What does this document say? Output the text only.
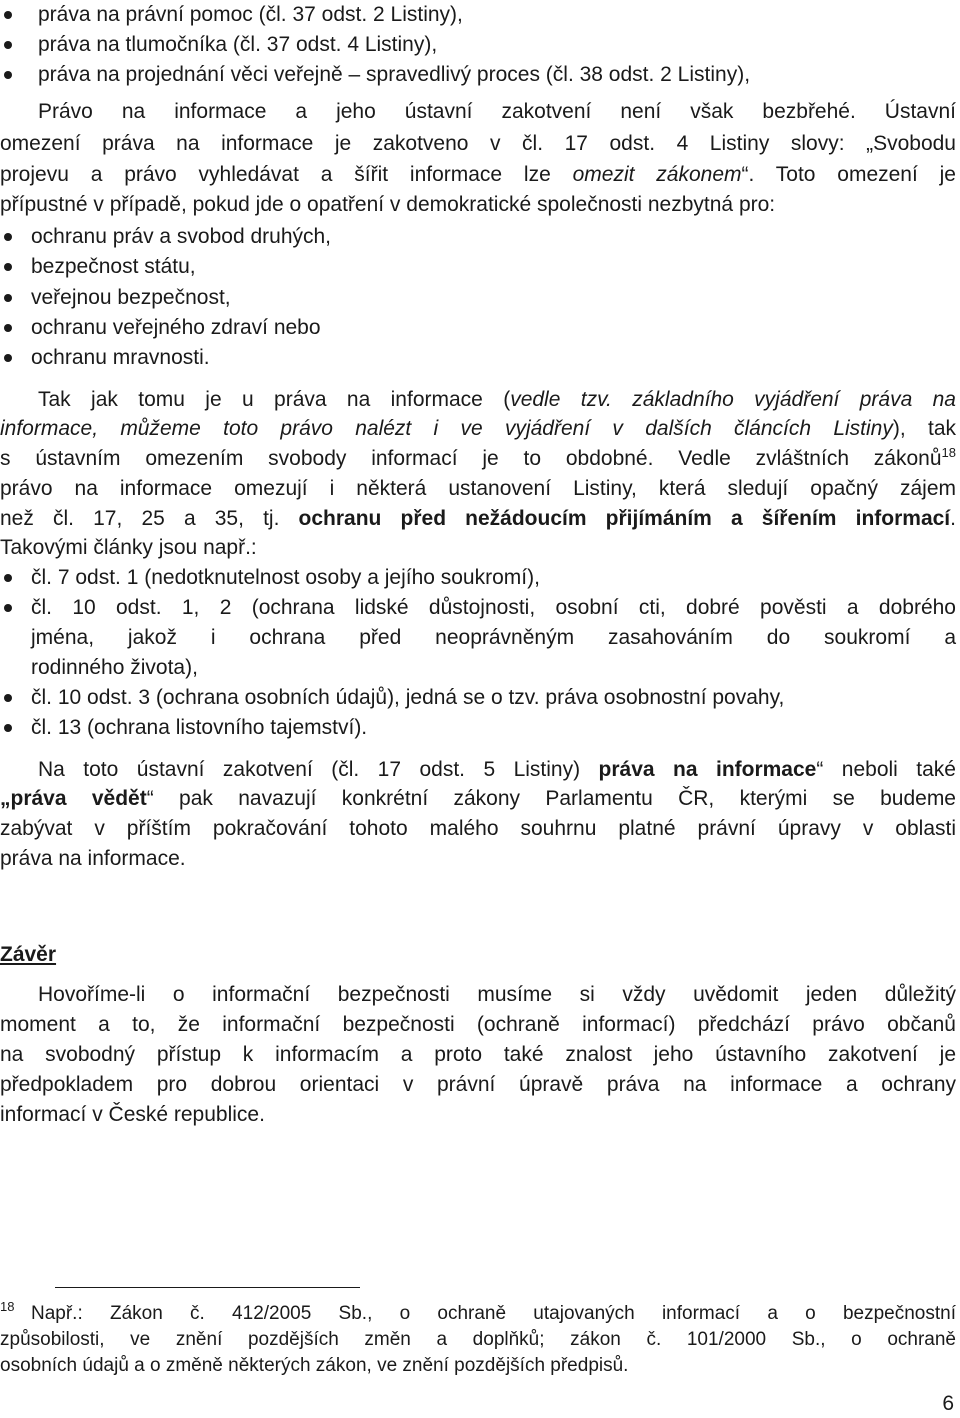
práva na právní pomoc (čl. 37 odst. 2 Listiny),
práva na tlumočníka (čl. 37 odst. 4 Listiny),
práva na projednání věci veřejně – spravedlivý proces (čl. 38 odst. 2 Listiny),
Právo na informace a jeho ústavní zakotvení není však bezbřehé. Ústavní
omezení práva na informace je zakotveno v čl. 17 odst. 4 Listiny slovy: „Svobodu
projevu a právo vyhledávat a šířit informace lze omezit zákonem“. Toto omezení je
přípustné v případě, pokud jde o opatření v demokratické společnosti nezbytná pro:
ochranu práv a svobod druhých,
bezpečnost státu,
veřejnou bezpečnost,
ochranu veřejného zdraví nebo
ochranu mravnosti.
Tak jak tomu je u práva na informace (vedle tzv. základního vyjádření práva na
informace, můžeme toto právo nalézt i ve vyjádření v dalších článcích Listiny), tak
s ústavním omezením svobody informací je to obdobné. Vedle zvláštních zákonů$^{18}$
právo na informace omezují i některá ustanovení Listiny, která sledují opačný zájem
než čl. 17, 25 a 35, tj. ochranu před nežádoucím přijímáním a šířením informací.
Takovými články jsou např.:
čl. 7 odst. 1 (nedotknutelnost osoby a jejího soukromí),
čl. 10 odst. 1, 2 (ochrana lidské důstojnosti, osobní cti, dobré pověsti a dobrého
jména, jakož i ochrana před neoprávněným zasahováním do soukromí a
rodinného života),
čl. 10 odst. 3 (ochrana osobních údajů), jedná se o tzv. práva osobnostní povahy,
čl. 13 (ochrana listovního tajemství).
Na toto ústavní zakotvení (čl. 17 odst. 5 Listiny) práva na informace“ neboli také
„práva vědět“ pak navazují konkrétní zákony Parlamentu ČR, kterými se budeme
zabývat v příštím pokračování tohoto malého souhrnu platné právní úpravy v oblasti
práva na informace.
Závěr
Hovoříme-li o informační bezpečnosti musíme si vždy uvědomit jeden důležitý
moment a to, že informační bezpečnosti (ochraně informací) předchází právo občanů
na svobodný přístup k informacím a proto také znalost jeho ústavního zakotvení je
předpokladem pro dobrou orientaci v právní úpravě práva na informace a ochrany
informací v České republice.
18 Např.: Zákon č. 412/2005 Sb., o ochraně utajovaných informací a o bezpečnostní
způsobilosti, ve znění pozdějších změn a doplňků; zákon č. 101/2000 Sb., o ochraně
osobních údajů a o změně některých zákon, ve znění pozdějších předpisů.
6
